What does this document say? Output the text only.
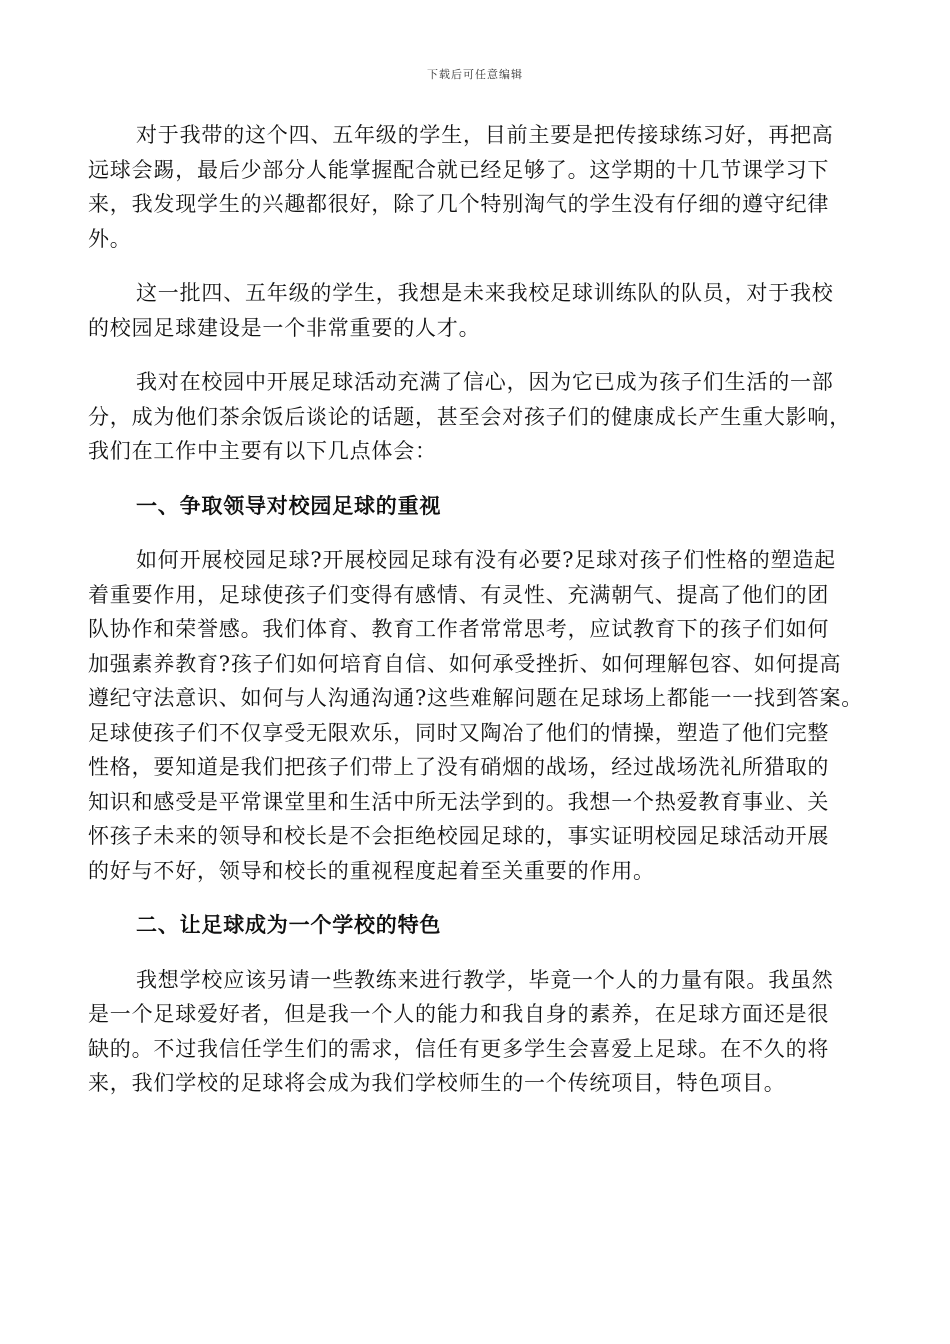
下载后可任意编辑

对于我带的这个四、五年级的学生，目前主要是把传接球练习好，再把高
远球会踢，最后少部分人能掌握配合就已经足够了。这学期的十几节课学习下
来，我发现学生的兴趣都很好，除了几个特别淘气的学生没有仔细的遵守纪律
外。

这一批四、五年级的学生，我想是未来我校足球训练队的队员，对于我校
的校园足球建设是一个非常重要的人才。

我对在校园中开展足球活动充满了信心，因为它已成为孩子们生活的一部
分，成为他们茶余饭后谈论的话题，甚至会对孩子们的健康成长产生重大影响，
我们在工作中主要有以下几点体会：

一、争取领导对校园足球的重视

如何开展校园足球?开展校园足球有没有必要?足球对孩子们性格的塑造起
着重要作用，足球使孩子们变得有感情、有灵性、充满朝气、提高了他们的团
队协作和荣誉感。我们体育、教育工作者常常思考，应试教育下的孩子们如何
加强素养教育?孩子们如何培育自信、如何承受挫折、如何理解包容、如何提高
遵纪守法意识、如何与人沟通沟通?这些难解问题在足球场上都能一一找到答案。
足球使孩子们不仅享受无限欢乐，同时又陶冶了他们的情操，塑造了他们完整
性格，要知道是我们把孩子们带上了没有硝烟的战场，经过战场洗礼所猎取的
知识和感受是平常课堂里和生活中所无法学到的。我想一个热爱教育事业、关
怀孩子未来的领导和校长是不会拒绝校园足球的，事实证明校园足球活动开展
的好与不好，领导和校长的重视程度起着至关重要的作用。

二、让足球成为一个学校的特色

我想学校应该另请一些教练来进行教学，毕竟一个人的力量有限。我虽然
是一个足球爱好者，但是我一个人的能力和我自身的素养，在足球方面还是很
缺的。不过我信任学生们的需求，信任有更多学生会喜爱上足球。在不久的将
来，我们学校的足球将会成为我们学校师生的一个传统项目，特色项目。
